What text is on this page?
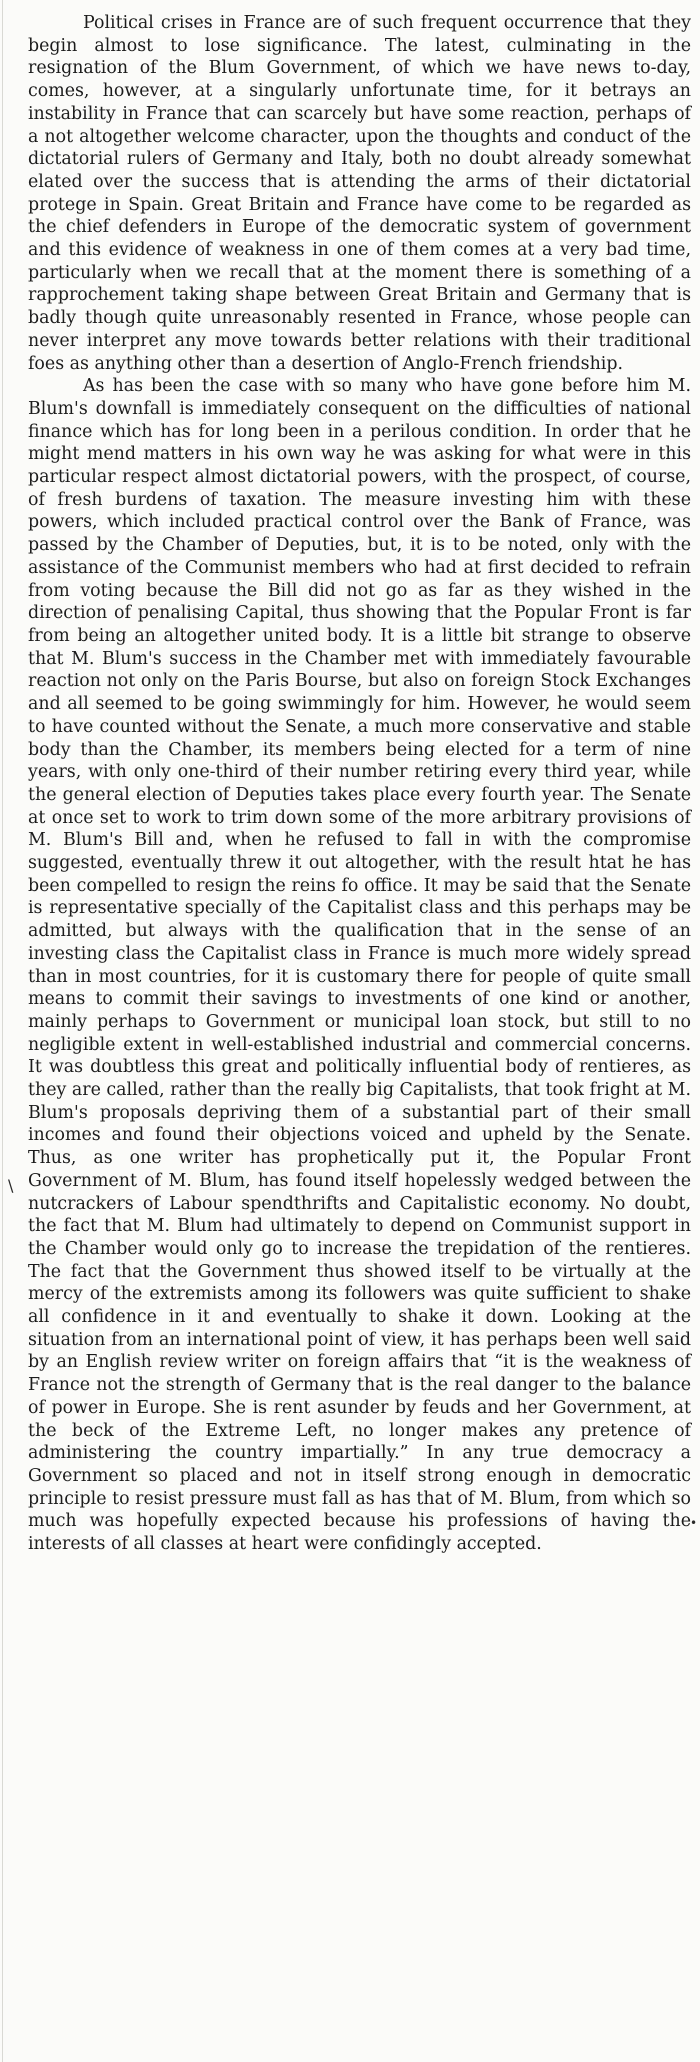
Political crises in France are of such frequent occurrence that they begin almost to lose significance. The latest, culminating in the resignation of the Blum Government, of which we have news to-day, comes, however, at a singularly unfortunate time, for it betrays an instability in France that can scarcely but have some reaction, perhaps of a not altogether welcome character, upon the thoughts and conduct of the dictatorial rulers of Germany and Italy, both no doubt already somewhat elated over the success that is attending the arms of their dictatorial protege in Spain. Great Britain and France have come to be regarded as the chief defenders in Europe of the democratic system of government and this evidence of weakness in one of them comes at a very bad time, particularly when we recall that at the moment there is something of a rapprochement taking shape between Great Britain and Germany that is badly though quite unreasonably resented in France, whose people can never interpret any move towards better relations with their traditional foes as anything other than a desertion of Anglo-French friendship.

As has been the case with so many who have gone before him M. Blum's downfall is immediately consequent on the difficulties of national finance which has for long been in a perilous condition. In order that he might mend matters in his own way he was asking for what were in this particular respect almost dictatorial powers, with the prospect, of course, of fresh burdens of taxation. The measure investing him with these powers, which included practical control over the Bank of France, was passed by the Chamber of Deputies, but, it is to be noted, only with the assistance of the Communist members who had at first decided to refrain from voting because the Bill did not go as far as they wished in the direction of penalising Capital, thus showing that the Popular Front is far from being an altogether united body. It is a little bit strange to observe that M. Blum's success in the Chamber met with immediately favourable reaction not only on the Paris Bourse, but also on foreign Stock Exchanges and all seemed to be going swimmingly for him. However, he would seem to have counted without the Senate, a much more conservative and stable body than the Chamber, its members being elected for a term of nine years, with only one-third of their number retiring every third year, while the general election of Deputies takes place every fourth year. The Senate at once set to work to trim down some of the more arbitrary provisions of M. Blum's Bill and, when he refused to fall in with the compromise suggested, eventually threw it out altogether, with the result htat he has been compelled to resign the reins fo office. It may be said that the Senate is representative specially of the Capitalist class and this perhaps may be admitted, but always with the qualification that in the sense of an investing class the Capitalist class in France is much more widely spread than in most countries, for it is customary there for people of quite small means to commit their savings to investments of one kind or another, mainly perhaps to Government or municipal loan stock, but still to no negligible extent in well-established industrial and commercial concerns. It was doubtless this great and politically influential body of rentieres, as they are called, rather than the really big Capitalists, that took fright at M. Blum's proposals depriving them of a substantial part of their small incomes and found their objections voiced and upheld by the Senate. Thus, as one writer has prophetically put it, the Popular Front Government of M. Blum, has found itself hopelessly wedged between the nutcrackers of Labour spendthrifts and Capitalistic economy. No doubt, the fact that M. Blum had ultimately to depend on Communist support in the Chamber would only go to increase the trepidation of the rentieres. The fact that the Government thus showed itself to be virtually at the mercy of the extremists among its followers was quite sufficient to shake all confidence in it and eventually to shake it down. Looking at the situation from an international point of view, it has perhaps been well said by an English review writer on foreign affairs that “it is the weakness of France not the strength of Germany that is the real danger to the balance of power in Europe. She is rent asunder by feuds and her Government, at the beck of the Extreme Left, no longer makes any pretence of administering the country impartially.” In any true democracy a Government so placed and not in itself strong enough in democratic principle to resist pressure must fall as has that of M. Blum, from which so much was hopefully expected because his professions of having the interests of all classes at heart were confidingly accepted.

\
•
